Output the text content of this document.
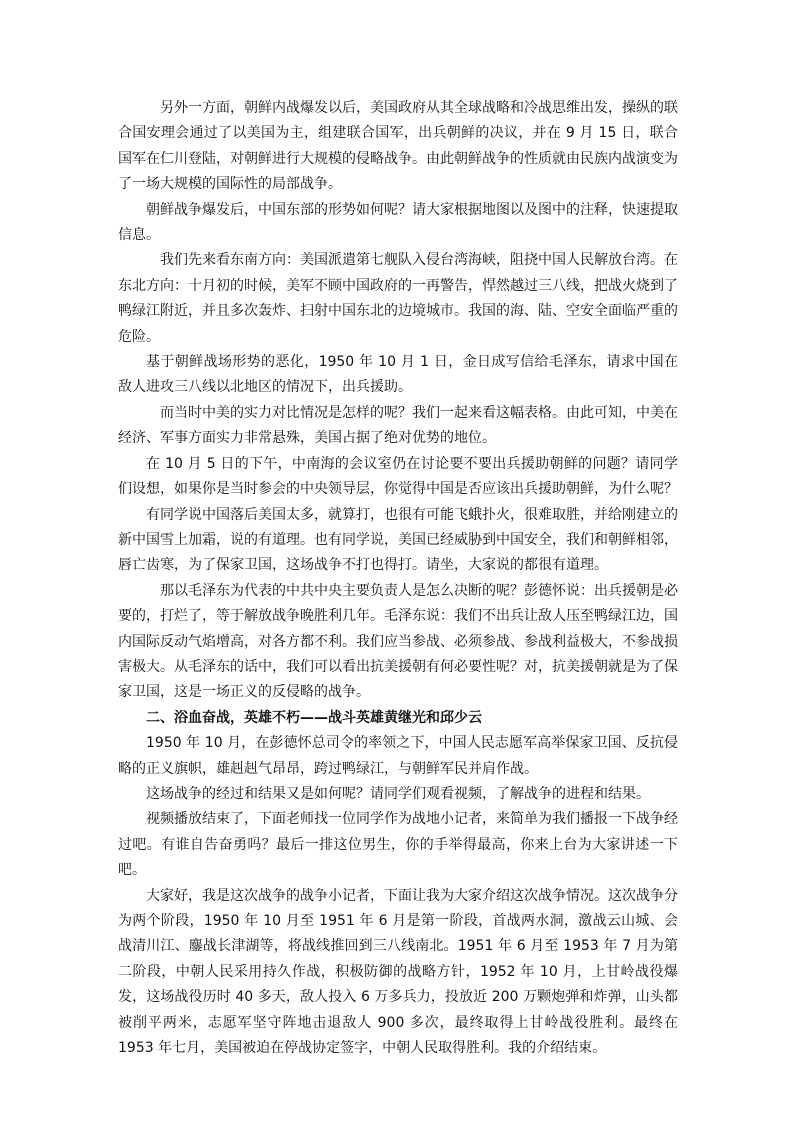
另外一方面，朝鲜内战爆发以后，美国政府从其全球战略和冷战思维出发，操纵的联合国安理会通过了以美国为主，组建联合国军，出兵朝鲜的决议，并在 9 月 15 日，联合国军在仁川登陆，对朝鲜进行大规模的侵略战争。由此朝鲜战争的性质就由民族内战演变为了一场大规模的国际性的局部战争。

朝鲜战争爆发后，中国东部的形势如何呢？请大家根据地图以及图中的注释，快速提取信息。

我们先来看东南方向：美国派遣第七舰队入侵台湾海峡，阻挠中国人民解放台湾。在东北方向：十月初的时候，美军不顾中国政府的一再警告，悍然越过三八线，把战火烧到了鸭绿江附近，并且多次轰炸、扫射中国东北的边境城市。我国的海、陆、空安全面临严重的危险。

基于朝鲜战场形势的恶化，1950 年 10 月 1 日，金日成写信给毛泽东，请求中国在敌人进攻三八线以北地区的情况下，出兵援助。

而当时中美的实力对比情况是怎样的呢？我们一起来看这幅表格。由此可知，中美在经济、军事方面实力非常悬殊，美国占据了绝对优势的地位。

在 10 月 5 日的下午，中南海的会议室仍在讨论要不要出兵援助朝鲜的问题？请同学们设想，如果你是当时参会的中央领导层，你觉得中国是否应该出兵援助朝鲜，为什么呢？

有同学说中国落后美国太多，就算打，也很有可能飞蛾扑火，很难取胜，并给刚建立的新中国雪上加霜，说的有道理。也有同学说，美国已经威胁到中国安全，我们和朝鲜相邻，唇亡齿寒，为了保家卫国，这场战争不打也得打。请坐，大家说的都很有道理。

那以毛泽东为代表的中共中央主要负责人是怎么决断的呢？彭德怀说：出兵援朝是必要的，打烂了，等于解放战争晚胜利几年。毛泽东说：我们不出兵让敌人压至鸭绿江边，国内国际反动气焰增高，对各方都不利。我们应当参战、必须参战、参战利益极大，不参战损害极大。从毛泽东的话中，我们可以看出抗美援朝有何必要性呢？对，抗美援朝就是为了保家卫国，这是一场正义的反侵略的战争。

二、浴血奋战，英雄不朽——战斗英雄黄继光和邱少云

1950 年 10 月，在彭德怀总司令的率领之下，中国人民志愿军高举保家卫国、反抗侵略的正义旗帜，雄赳赳气昂昂，跨过鸭绿江，与朝鲜军民并肩作战。

这场战争的经过和结果又是如何呢？请同学们观看视频，了解战争的进程和结果。

视频播放结束了，下面老师找一位同学作为战地小记者，来简单为我们播报一下战争经过吧。有谁自告奋勇吗？最后一排这位男生，你的手举得最高，你来上台为大家讲述一下吧。

大家好，我是这次战争的战争小记者，下面让我为大家介绍这次战争情况。这次战争分为两个阶段，1950 年 10 月至 1951 年 6 月是第一阶段，首战两水洞，激战云山城、会战清川江、鏖战长津湖等，将战线推回到三八线南北。1951 年 6 月至 1953 年 7 月为第二阶段，中朝人民采用持久作战，积极防御的战略方针，1952 年 10 月，上甘岭战役爆发，这场战役历时 40 多天，敌人投入 6 万多兵力，投放近 200 万颗炮弹和炸弹，山头都被削平两米，志愿军坚守阵地击退敌人 900 多次，最终取得上甘岭战役胜利。最终在 1953 年七月，美国被迫在停战协定签字，中朝人民取得胜利。我的介绍结束。
